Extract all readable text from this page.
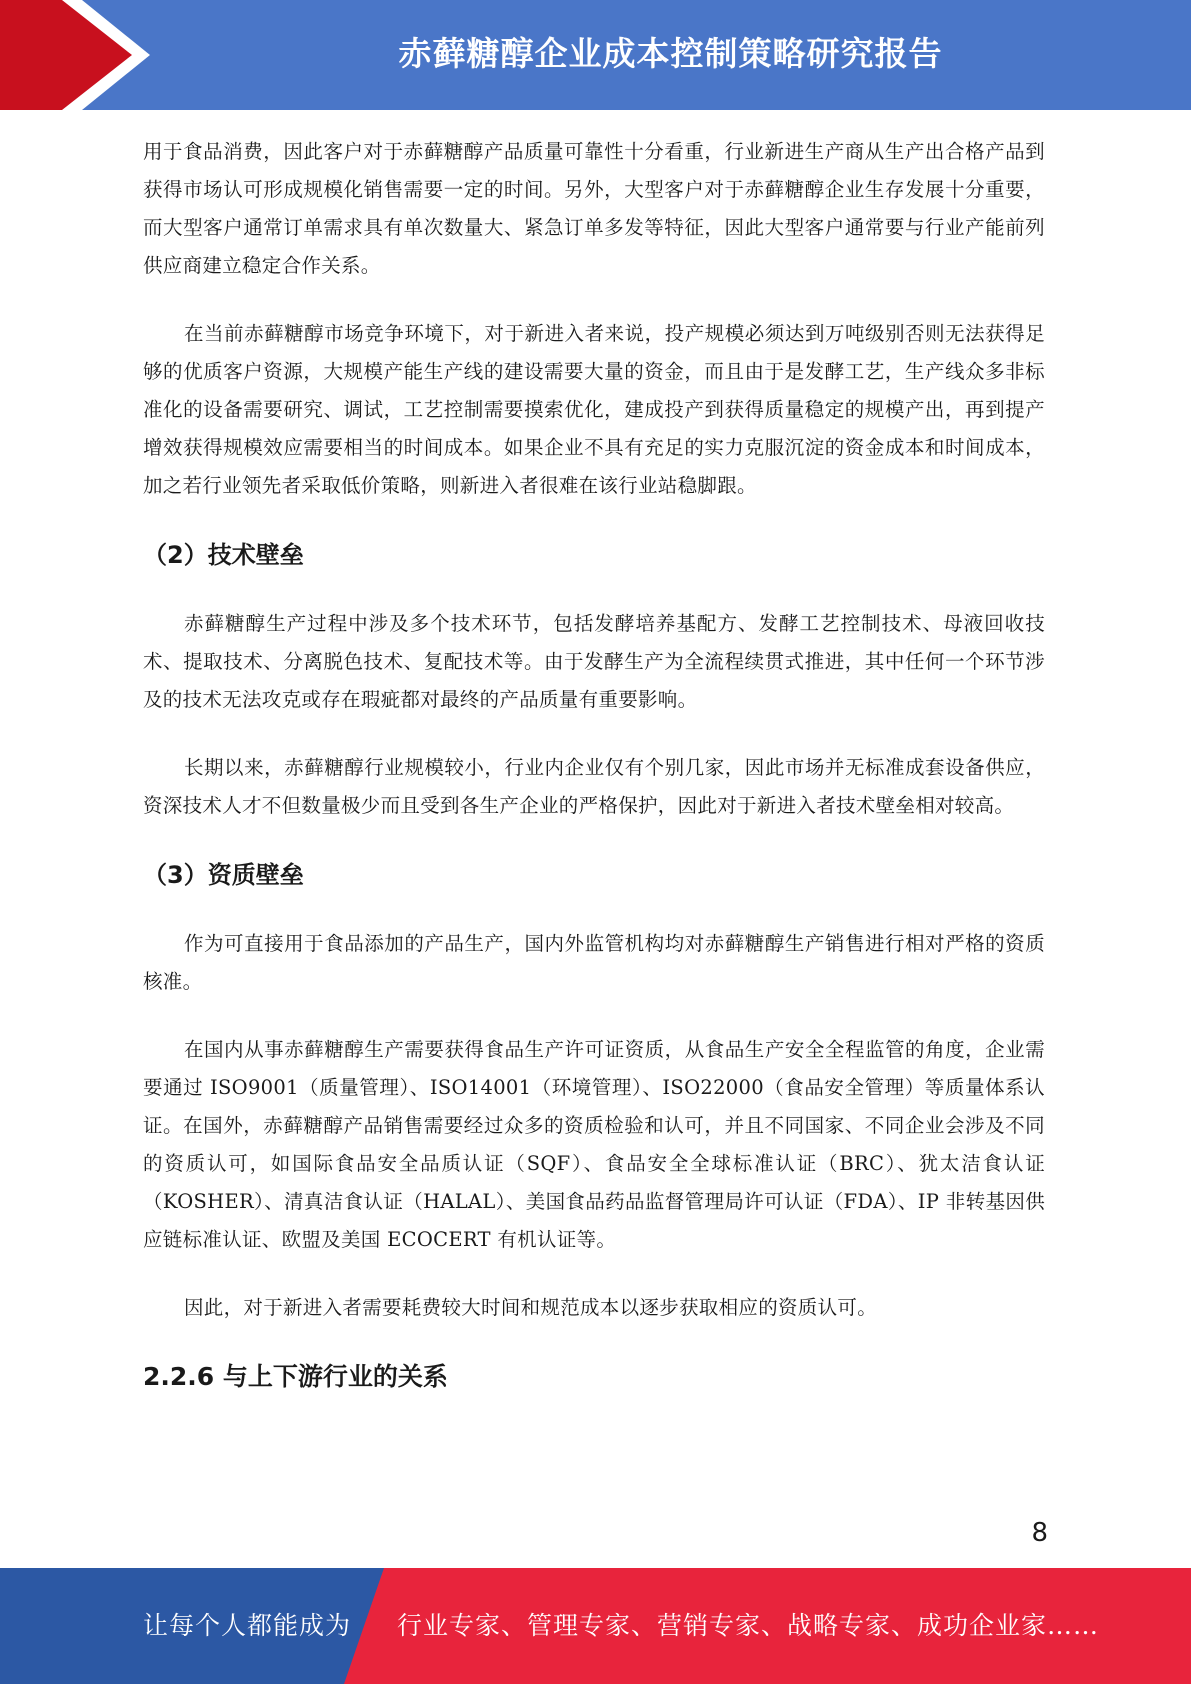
赤藓糖醇企业成本控制策略研究报告

用于食品消费，因此客户对于赤藓糖醇产品质量可靠性十分看重，行业新进生产商从生产出合格产品到获得市场认可形成规模化销售需要一定的时间。另外，大型客户对于赤藓糖醇企业生存发展十分重要，而大型客户通常订单需求具有单次数量大、紧急订单多发等特征，因此大型客户通常要与行业产能前列供应商建立稳定合作关系。

在当前赤藓糖醇市场竞争环境下，对于新进入者来说，投产规模必须达到万吨级别否则无法获得足够的优质客户资源，大规模产能生产线的建设需要大量的资金，而且由于是发酵工艺，生产线众多非标准化的设备需要研究、调试，工艺控制需要摸索优化，建成投产到获得质量稳定的规模产出，再到提产增效获得规模效应需要相当的时间成本。如果企业不具有充足的实力克服沉淀的资金成本和时间成本，加之若行业领先者采取低价策略，则新进入者很难在该行业站稳脚跟。

（2）技术壁垒

赤藓糖醇生产过程中涉及多个技术环节，包括发酵培养基配方、发酵工艺控制技术、母液回收技术、提取技术、分离脱色技术、复配技术等。由于发酵生产为全流程续贯式推进，其中任何一个环节涉及的技术无法攻克或存在瑕疵都对最终的产品质量有重要影响。

长期以来，赤藓糖醇行业规模较小，行业内企业仅有个别几家，因此市场并无标准成套设备供应，资深技术人才不但数量极少而且受到各生产企业的严格保护，因此对于新进入者技术壁垒相对较高。

（3）资质壁垒

作为可直接用于食品添加的产品生产，国内外监管机构均对赤藓糖醇生产销售进行相对严格的资质核准。

在国内从事赤藓糖醇生产需要获得食品生产许可证资质，从食品生产安全全程监管的角度，企业需要通过 ISO9001（质量管理）、ISO14001（环境管理）、ISO22000（食品安全管理）等质量体系认证。在国外，赤藓糖醇产品销售需要经过众多的资质检验和认可，并且不同国家、不同企业会涉及不同的资质认可，如国际食品安全品质认证（SQF）、食品安全全球标准认证（BRC）、犹太洁食认证（KOSHER）、清真洁食认证（HALAL）、美国食品药品监督管理局许可认证（FDA）、IP 非转基因供应链标准认证、欧盟及美国 ECOCERT 有机认证等。

因此，对于新进入者需要耗费较大时间和规范成本以逐步获取相应的资质认可。

2.2.6 与上下游行业的关系
8
让每个人都能成为 行业专家、管理专家、营销专家、战略专家、成功企业家……
